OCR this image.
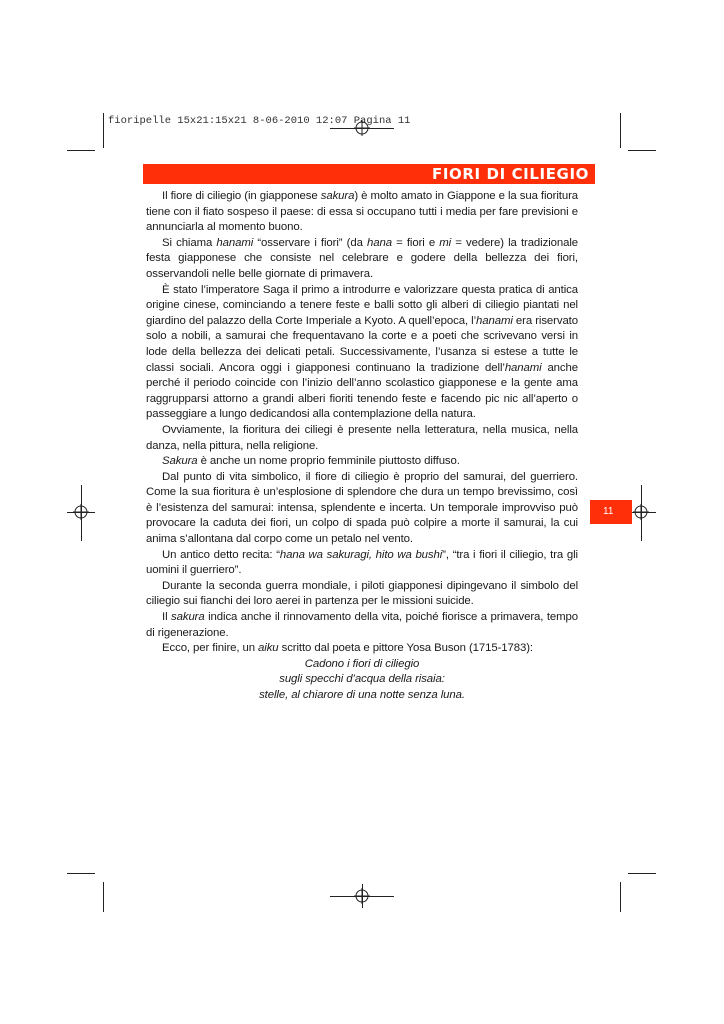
fioripelle 15x21:15x21 8-06-2010 12:07 Pagina 11
FIORI DI CILIEGIO
11

Il fiore di ciliegio (in giapponese sakura) è molto amato in Giappone e la sua fioritura tiene con il fiato sospeso il paese: di essa si occupano tutti i media per fare previsioni e annunciarla al momento buono.

Si chiama hanami “osservare i fiori” (da hana = fiori e mi = vedere) la tradizionale festa giapponese che consiste nel celebrare e godere della bellezza dei fiori, osservandoli nelle belle giornate di primavera.

È stato l’imperatore Saga il primo a introdurre e valorizzare questa pratica di antica origine cinese, cominciando a tenere feste e balli sotto gli alberi di ciliegio piantati nel giardino del palazzo della Corte Imperiale a Kyoto. A quell’epoca, l’hanami era riservato solo a nobili, a samurai che frequentavano la corte e a poeti che scrivevano versi in lode della bellezza dei delicati petali. Successivamente, l’usanza si estese a tutte le classi sociali. Ancora oggi i giapponesi continuano la tradizione dell’hanami anche perché il periodo coincide con l’inizio dell’anno scolastico giapponese e la gente ama raggrupparsi attorno a grandi alberi fioriti tenendo feste e facendo pic nic all’aperto o passeggiare a lungo dedicandosi alla contemplazione della natura.

Ovviamente, la fioritura dei ciliegi è presente nella letteratura, nella musica, nella danza, nella pittura, nella religione.

Sakura è anche un nome proprio femminile piuttosto diffuso.

Dal punto di vita simbolico, il fiore di ciliegio è proprio del samurai, del guerriero. Come la sua fioritura è un’esplosione di splendore che dura un tempo brevissimo, così è l’esistenza del samurai: intensa, splendente e incerta. Un temporale improvviso può provocare la caduta dei fiori, un colpo di spada può colpire a morte il samurai, la cui anima s’allontana dal corpo come un petalo nel vento.

Un antico detto recita: “hana wa sakuragi, hito wa bushi”, “tra i fiori il ciliegio, tra gli uomini il guerriero”.

Durante la seconda guerra mondiale, i piloti giapponesi dipingevano il simbolo del ciliegio sui fianchi dei loro aerei in partenza per le missioni suicide.

Il sakura indica anche il rinnovamento della vita, poiché fiorisce a primavera, tempo di rigenerazione.

Ecco, per finire, un aiku scritto dal poeta e pittore Yosa Buson (1715-1783):

Cadono i fiori di ciliegio
sugli specchi d’acqua della risaia:
stelle, al chiarore di una notte senza luna.
